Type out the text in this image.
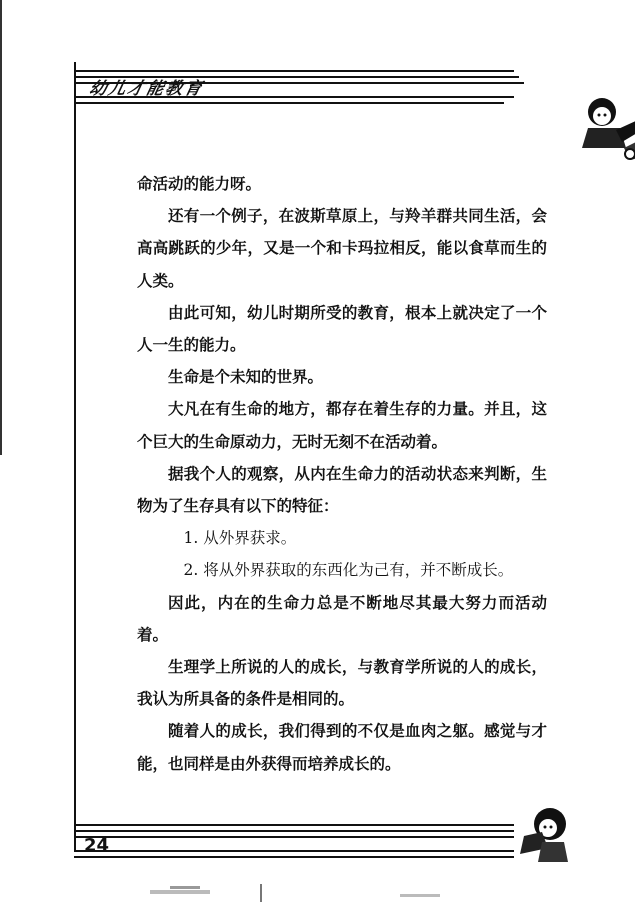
幼儿才能教育

命活动的能力呀。

还有一个例子，在波斯草原上，与羚羊群共同生活，会高高跳跃的少年，又是一个和卡玛拉相反，能以食草而生的人类。

由此可知，幼儿时期所受的教育，根本上就决定了一个人一生的能力。

生命是个未知的世界。

大凡在有生命的地方，都存在着生存的力量。并且，这个巨大的生命原动力，无时无刻不在活动着。

据我个人的观察，从内在生命力的活动状态来判断，生物为了生存具有以下的特征：

1. 从外界获求。

2. 将从外界获取的东西化为己有，并不断成长。

因此，内在的生命力总是不断地尽其最大努力而活动着。

生理学上所说的人的成长，与教育学所说的人的成长，我认为所具备的条件是相同的。

随着人的成长，我们得到的不仅是血肉之躯。感觉与才能，也同样是由外获得而培养成长的。

24
